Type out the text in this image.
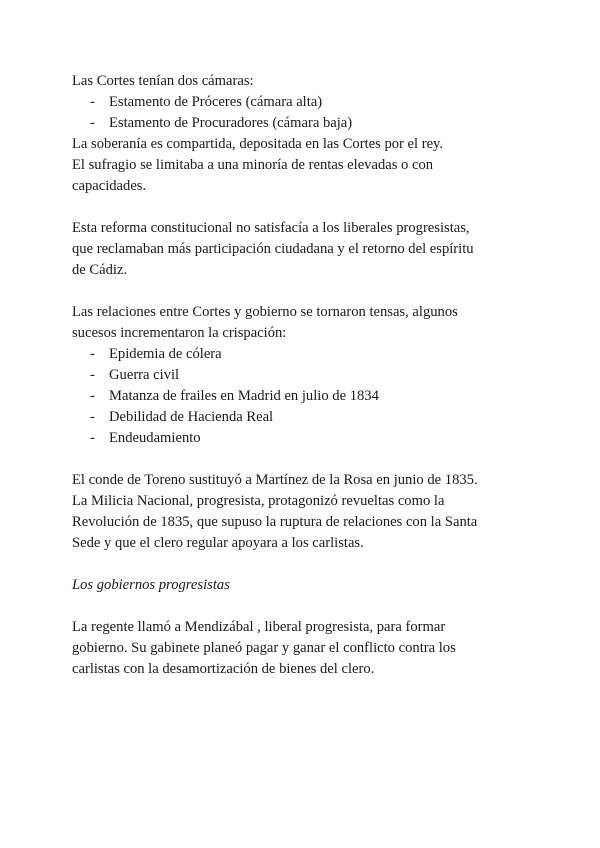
Las Cortes tenían dos cámaras:
- Estamento de Próceres (cámara alta)
- Estamento de Procuradores (cámara baja)
La soberanía es compartida, depositada en las Cortes por el rey.
El sufragio se limitaba a una minoría de rentas elevadas o con
capacidades.
Esta reforma constitucional no satisfacía a los liberales progresistas,
que reclamaban más participación ciudadana y el retorno del espíritu
de Cádiz.
Las relaciones entre Cortes y gobierno se tornaron tensas, algunos
sucesos incrementaron la crispación:
- Epidemia de cólera
- Guerra civil
- Matanza de frailes en Madrid en julio de 1834
- Debilidad de Hacienda Real
- Endeudamiento
El conde de Toreno sustituyó a Martínez de la Rosa en junio de 1835.
La Milicia Nacional, progresista, protagonizó revueltas como la
Revolución de 1835, que supuso la ruptura de relaciones con la Santa
Sede y que el clero regular apoyara a los carlistas.
Los gobiernos progresistas
La regente llamó a Mendizábal , liberal progresista, para formar
gobierno. Su gabinete planeó pagar y ganar el conflicto contra los
carlistas con la desamortización de bienes del clero.
